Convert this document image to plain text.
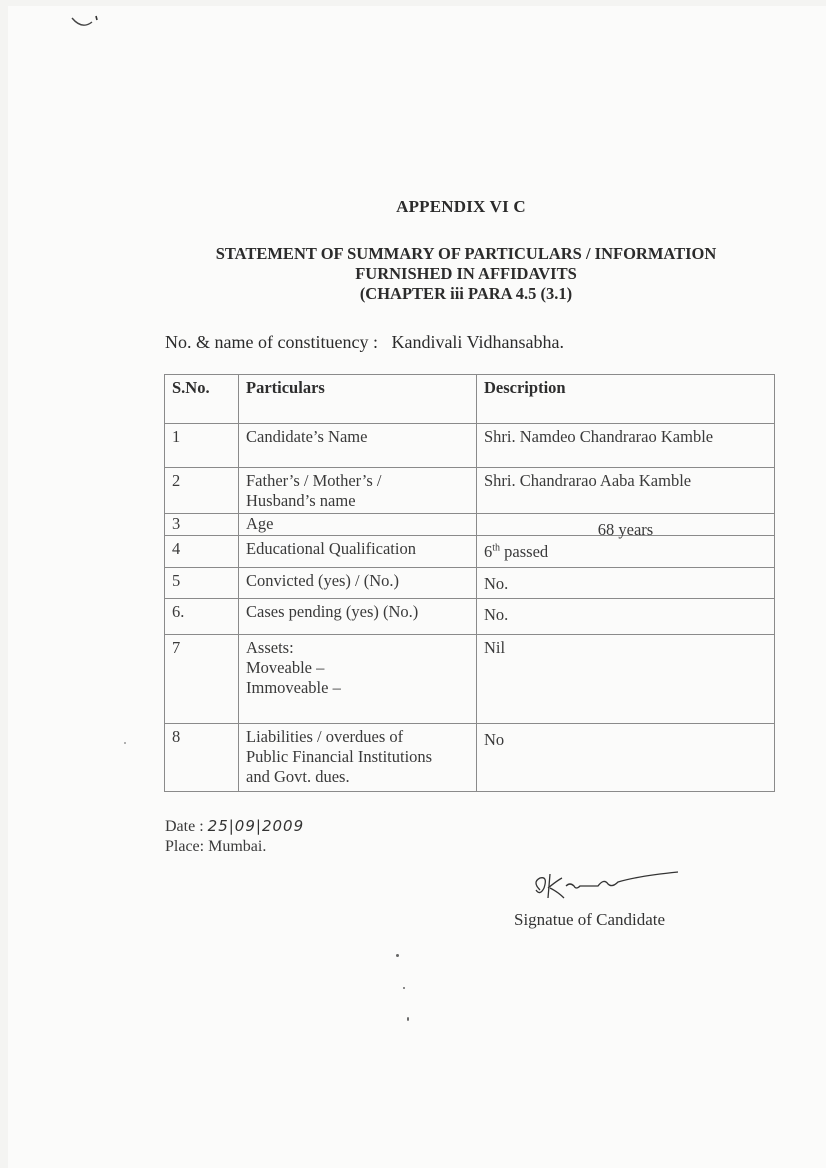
APPENDIX VI C
STATEMENT OF SUMMARY OF PARTICULARS / INFORMATION
FURNISHED IN AFFIDAVITS
(CHAPTER iii PARA 4.5 (3.1)
No. & name of constituency : Kandivali Vidhansabha.
S.No.	Particulars	Description
1	Candidate’s Name	Shri. Namdeo Chandrarao Kamble
2	Father’s / Mother’s /
Husband’s name	Shri. Chandrarao Aaba Kamble
3	Age	68 years
4	Educational Qualification	6th passed
5	Convicted (yes) / (No.)	No.
6.	Cases pending (yes) (No.)	No.
7	Assets:
Moveable –
Immoveable –	Nil
8	Liabilities / overdues of
Public Financial Institutions
and Govt. dues.	No
Date : 25|09|2009
Place: Mumbai.
Signatue of Candidate
